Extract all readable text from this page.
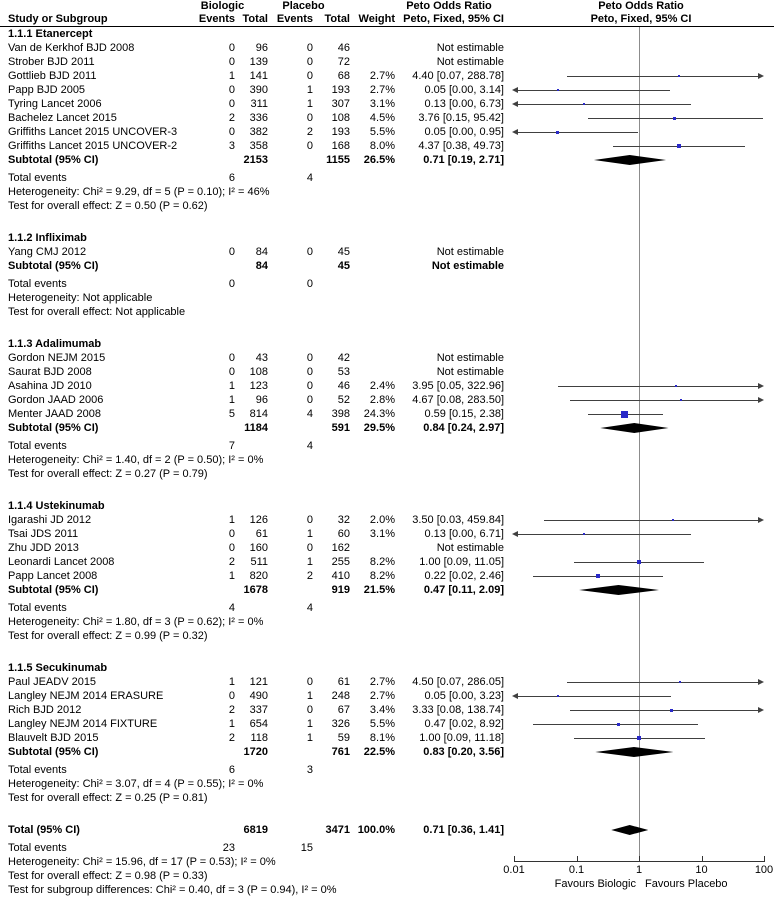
Biologic	Placebo	Peto Odds Ratio	Peto Odds Ratio
Study or Subgroup	Events Total Events	Total Weight Peto, Fixed, 95% CI	Peto, Fixed, 95% CI
1.1.1 Etanercept
Van de Kerkhof BJD 2008	0	96	0	46	Not estimable
Strober BJD 2011	0	139	0	72	Not estimable
Gottlieb BJD 2011	1	141	0	68	2.7%	4.40 [0.07, 288.78]
Papp BJD 2005	0	390	1	193	2.7%	0.05 [0.00, 3.14]
Tyring Lancet 2006	0	311	1	307	3.1%	0.13 [0.00, 6.73]
Bachelez Lancet 2015	2	336	0	108	4.5%	3.76 [0.15, 95.42]
Griffiths Lancet 2015 UNCOVER-3	0	382	2	193	5.5%	0.05 [0.00, 0.95]
Griffiths Lancet 2015 UNCOVER-2	3	358	0	168	8.0%	4.37 [0.38, 49.73]
Subtotal (95% CI)	2153	1155	26.5%	0.71 [0.19, 2.71]
Total events	6	4
Heterogeneity: Chi² = 9.29, df = 5 (P = 0.10); I² = 46%
Test for overall effect: Z = 0.50 (P = 0.62)
1.1.2 Infliximab
Yang CMJ 2012	0	84	0	45	Not estimable
Subtotal (95% CI)	84	45	Not estimable
Total events	0	0
Heterogeneity: Not applicable
Test for overall effect: Not applicable
1.1.3 Adalimumab
Gordon NEJM 2015	0	43	0	42	Not estimable
Saurat BJD 2008	0	108	0	53	Not estimable
Asahina JD 2010	1	123	0	46	2.4%	3.95 [0.05, 322.96]
Gordon JAAD 2006	1	96	0	52	2.8%	4.67 [0.08, 283.50]
Menter JAAD 2008	5	814	4	398	24.3%	0.59 [0.15, 2.38]
Subtotal (95% CI)	1184	591	29.5%	0.84 [0.24, 2.97]
Total events	7	4
Heterogeneity: Chi² = 1.40, df = 2 (P = 0.50); I² = 0%
Test for overall effect: Z = 0.27 (P = 0.79)
1.1.4 Ustekinumab
Igarashi JD 2012	1	126	0	32	2.0%	3.50 [0.03, 459.84]
Tsai JDS 2011	0	61	1	60	3.1%	0.13 [0.00, 6.71]
Zhu JDD 2013	0	160	0	162	Not estimable
Leonardi Lancet 2008	2	511	1	255	8.2%	1.00 [0.09, 11.05]
Papp Lancet 2008	1	820	2	410	8.2%	0.22 [0.02, 2.46]
Subtotal (95% CI)	1678	919	21.5%	0.47 [0.11, 2.09]
Total events	4	4
Heterogeneity: Chi² = 1.80, df = 3 (P = 0.62); I² = 0%
Test for overall effect: Z = 0.99 (P = 0.32)
1.1.5 Secukinumab
Paul JEADV 2015	1	121	0	61	2.7%	4.50 [0.07, 286.05]
Langley NEJM 2014 ERASURE	0	490	1	248	2.7%	0.05 [0.00, 3.23]
Rich BJD 2012	2	337	0	67	3.4%	3.33 [0.08, 138.74]
Langley NEJM 2014 FIXTURE	1	654	1	326	5.5%	0.47 [0.02, 8.92]
Blauvelt BJD 2015	2	118	1	59	8.1%	1.00 [0.09, 11.18]
Subtotal (95% CI)	1720	761	22.5%	0.83 [0.20, 3.56]
Total events	6	3
Heterogeneity: Chi² = 3.07, df = 4 (P = 0.55); I² = 0%
Test for overall effect: Z = 0.25 (P = 0.81)
Total (95% CI)	6819	3471 100.0%	0.71 [0.36, 1.41]
Total events	23	15
Heterogeneity: Chi² = 15.96, df = 17 (P = 0.53); I² = 0%
Test for overall effect: Z = 0.98 (P = 0.33)
Test for subgroup differences: Chi² = 0.40, df = 3 (P = 0.94), I² = 0%	Favours Biologic Favours Placebo
0.01	0.1	1	10	100
